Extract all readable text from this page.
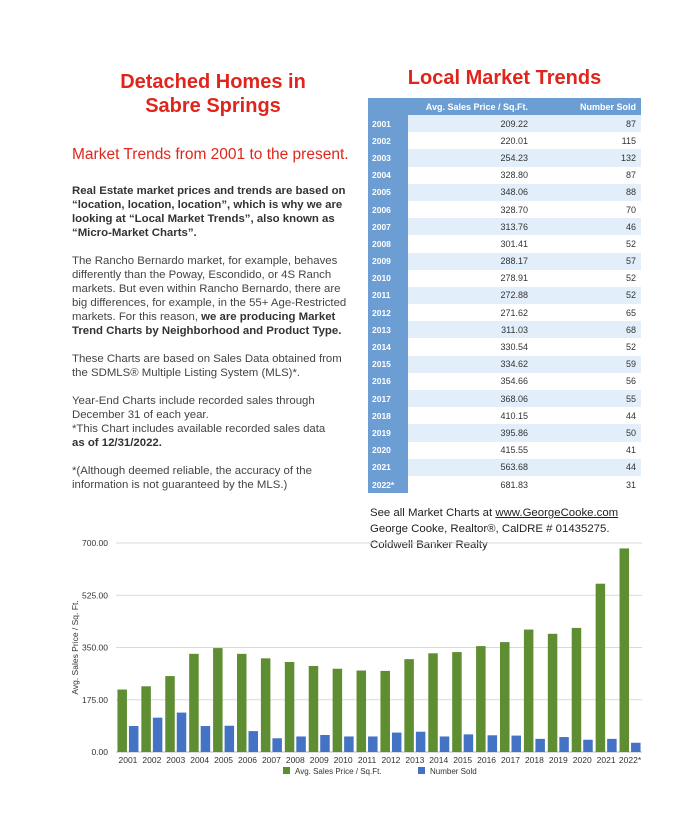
Detached Homes in
Sabre Springs
Market Trends from 2001 to the present.

Real Estate market prices and trends are based on “location, location, location”, which is why we are looking at “Local Market Trends”, also known as “Micro-Market Charts”.

The Rancho Bernardo market, for example, behaves differently than the Poway, Escondido, or 4S Ranch markets. But even within Rancho Bernardo, there are big differences, for example, in the 55+ Age-Restricted markets. For this reason, we are producing Market Trend Charts by Neighborhood and Product Type.

These Charts are based on Sales Data obtained from the SDMLS® Multiple Listing System (MLS)*.

Year-End Charts include recorded sales through December 31 of each year.
*This Chart includes available recorded sales data
as of 12/31/2022.

*(Although deemed reliable, the accuracy of the information is not guaranteed by the MLS.)

Local Market Trends
	Avg. Sales Price / Sq.Ft.	Number Sold
2001	209.22	87
2002	220.01	115
2003	254.23	132
2004	328.80	87
2005	348.06	88
2006	328.70	70
2007	313.76	46
2008	301.41	52
2009	288.17	57
2010	278.91	52
2011	272.88	52
2012	271.62	65
2013	311.03	68
2014	330.54	52
2015	334.62	59
2016	354.66	56
2017	368.06	55
2018	410.15	44
2019	395.86	50
2020	415.55	41
2021	563.68	44
2022*	681.83	31
See all Market Charts at www.GeorgeCooke.com
George Cooke, Realtor®, CalDRE # 01435275.
Coldwell Banker Realty
0.00
175.00
350.00
525.00
700.00
Avg. Sales Price / Sq. Ft.
2001 2002 2003 2004 2005 2006 2007 2008 2009 2010 2011 2012 2013 2014 2015 2016 2017 2018 2019 2020 2021 2022*
Avg. Sales Price / Sq.Ft.	Number Sold
